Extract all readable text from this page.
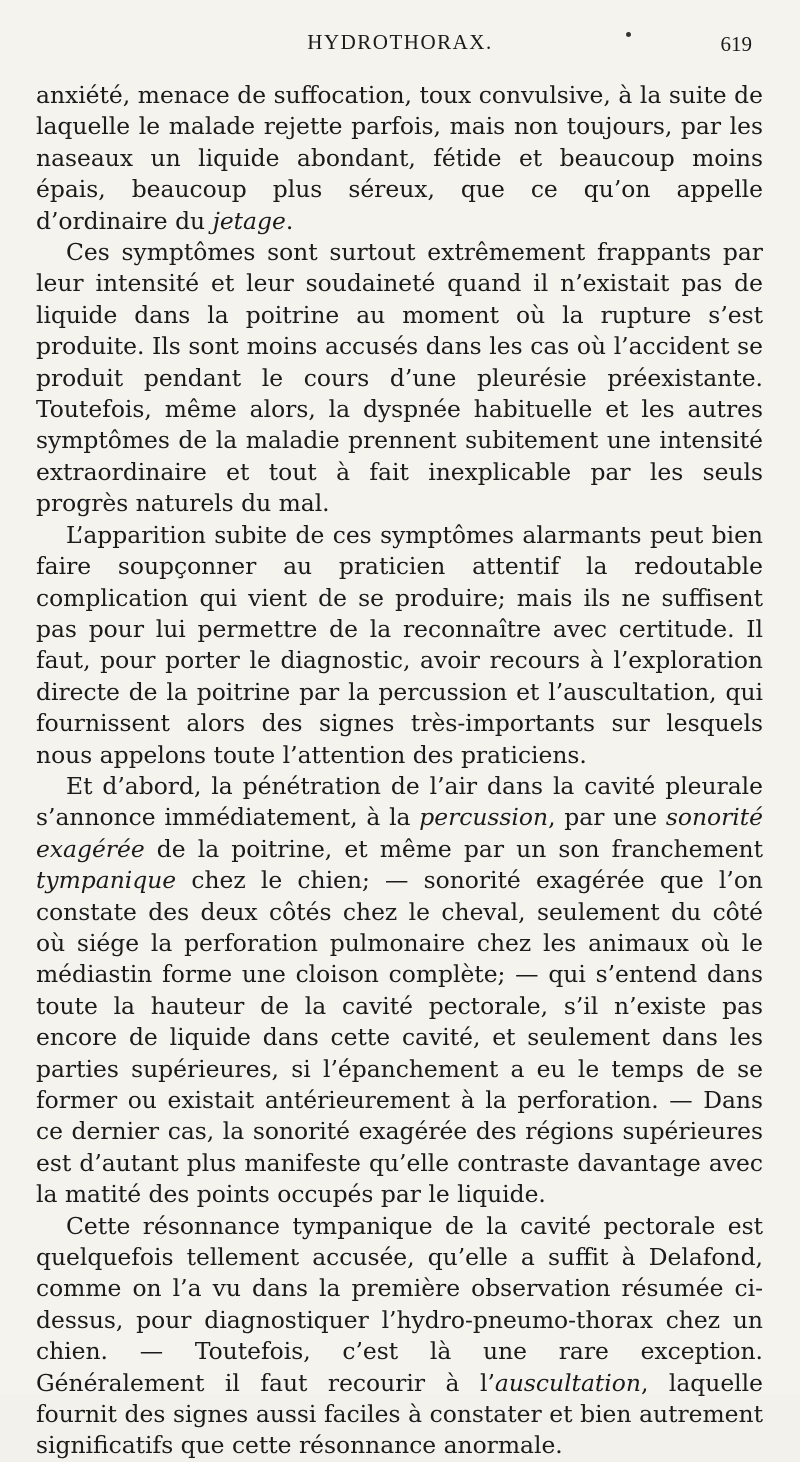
HYDROTHORAX.	619

anxiété, menace de suffocation, toux convulsive, à la suite de laquelle le malade rejette parfois, mais non toujours, par les naseaux un liquide abondant, fétide et beaucoup moins épais, beaucoup plus séreux, que ce qu’on appelle d’ordinaire du jetage.

Ces symptômes sont surtout extrêmement frappants par leur intensité et leur soudaineté quand il n’existait pas de liquide dans la poitrine au moment où la rupture s’est produite. Ils sont moins accusés dans les cas où l’accident se produit pendant le cours d’une pleurésie préexistante. Toutefois, même alors, la dyspnée habituelle et les autres symptômes de la maladie prennent subitement une intensité extraordinaire et tout à fait inexplicable par les seuls progrès naturels du mal.

L’apparition subite de ces symptômes alarmants peut bien faire soupçonner au praticien attentif la redoutable complication qui vient de se produire; mais ils ne suffisent pas pour lui permettre de la reconnaître avec certitude. Il faut, pour porter le diagnostic, avoir recours à l’exploration directe de la poitrine par la percussion et l’auscultation, qui fournissent alors des signes très-importants sur lesquels nous appelons toute l’attention des praticiens.

Et d’abord, la pénétration de l’air dans la cavité pleurale s’annonce immédiatement, à la percussion, par une sonorité exagérée de la poitrine, et même par un son franchement tympanique chez le chien; — sonorité exagérée que l’on constate des deux côtés chez le cheval, seulement du côté où siége la perforation pulmonaire chez les animaux où le médiastin forme une cloison complète; — qui s’entend dans toute la hauteur de la cavité pectorale, s’il n’existe pas encore de liquide dans cette cavité, et seulement dans les parties supérieures, si l’épanchement a eu le temps de se former ou existait antérieurement à la perforation. — Dans ce dernier cas, la sonorité exagérée des régions supérieures est d’autant plus manifeste qu’elle contraste davantage avec la matité des points occupés par le liquide.

Cette résonnance tympanique de la cavité pectorale est quelquefois tellement accusée, qu’elle a suffit à Delafond, comme on l’a vu dans la première observation résumée ci-dessus, pour diagnostiquer l’hydro-pneumo-thorax chez un chien. — Toutefois, c’est là une rare exception. Généralement il faut recourir à l’auscultation, laquelle fournit des signes aussi faciles à constater et bien autrement significatifs que cette résonnance anormale.
